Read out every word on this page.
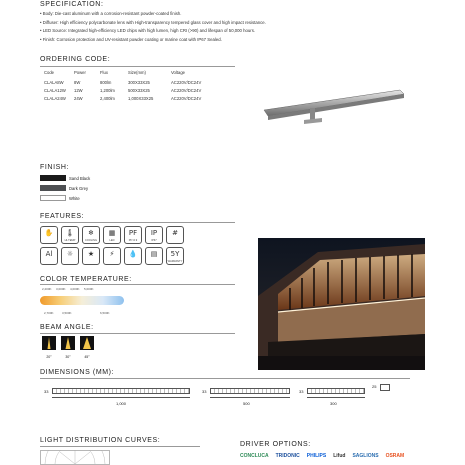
SPECIFICATION:
• Body: Die-cast aluminum with a corrosion-resistant powder-coated finish.
• Diffuser: High efficiency polycarbonate lens with High-transparency tempered glass cover and high impact resistance.
• LED Source: Integrated high-efficiency LED chips with high lumen, high CRI (>90) and lifespan of 50,000 hours.
• Finish: Corrosion protection and UV-resistant powder coating or marine coat with IP67 Sealed.
ORDERING CODE:
Code	Power	Flux	Size(mm)	Voltage
CLALA8W	8W	800lm	300X33X25	AC220V/DC24V
CLALA12W	12W	1,200lm	500X33X25	AC220V/DC24V
CLALA24W	24W	2,400lm	1,000X33X25	AC220V/DC24V
FINISH:
Sand Black
Dark Grey
White
FEATURES:
✋	🌡
HI-TEMP
❄
COOLING
▦
LED
PF
PF>0.9
IP
IP67
#
Al	☼	★	⚡	💧	▤	5Y
WARRANTY
COLOR TEMPERATURE:
2,200K 3,000K 4,000K 5,000K
2,700K	3,500K	6,500K
BEAM ANGLE:
20°	30°	45°
DIMENSIONS (MM):
33
1,000
33
500
33
300
25
LIGHT DISTRIBUTION CURVES:
DRIVER OPTIONS:
CONCLUCA TRIDONIC PHILIPS Lifud SAGLIONS OSRAM
